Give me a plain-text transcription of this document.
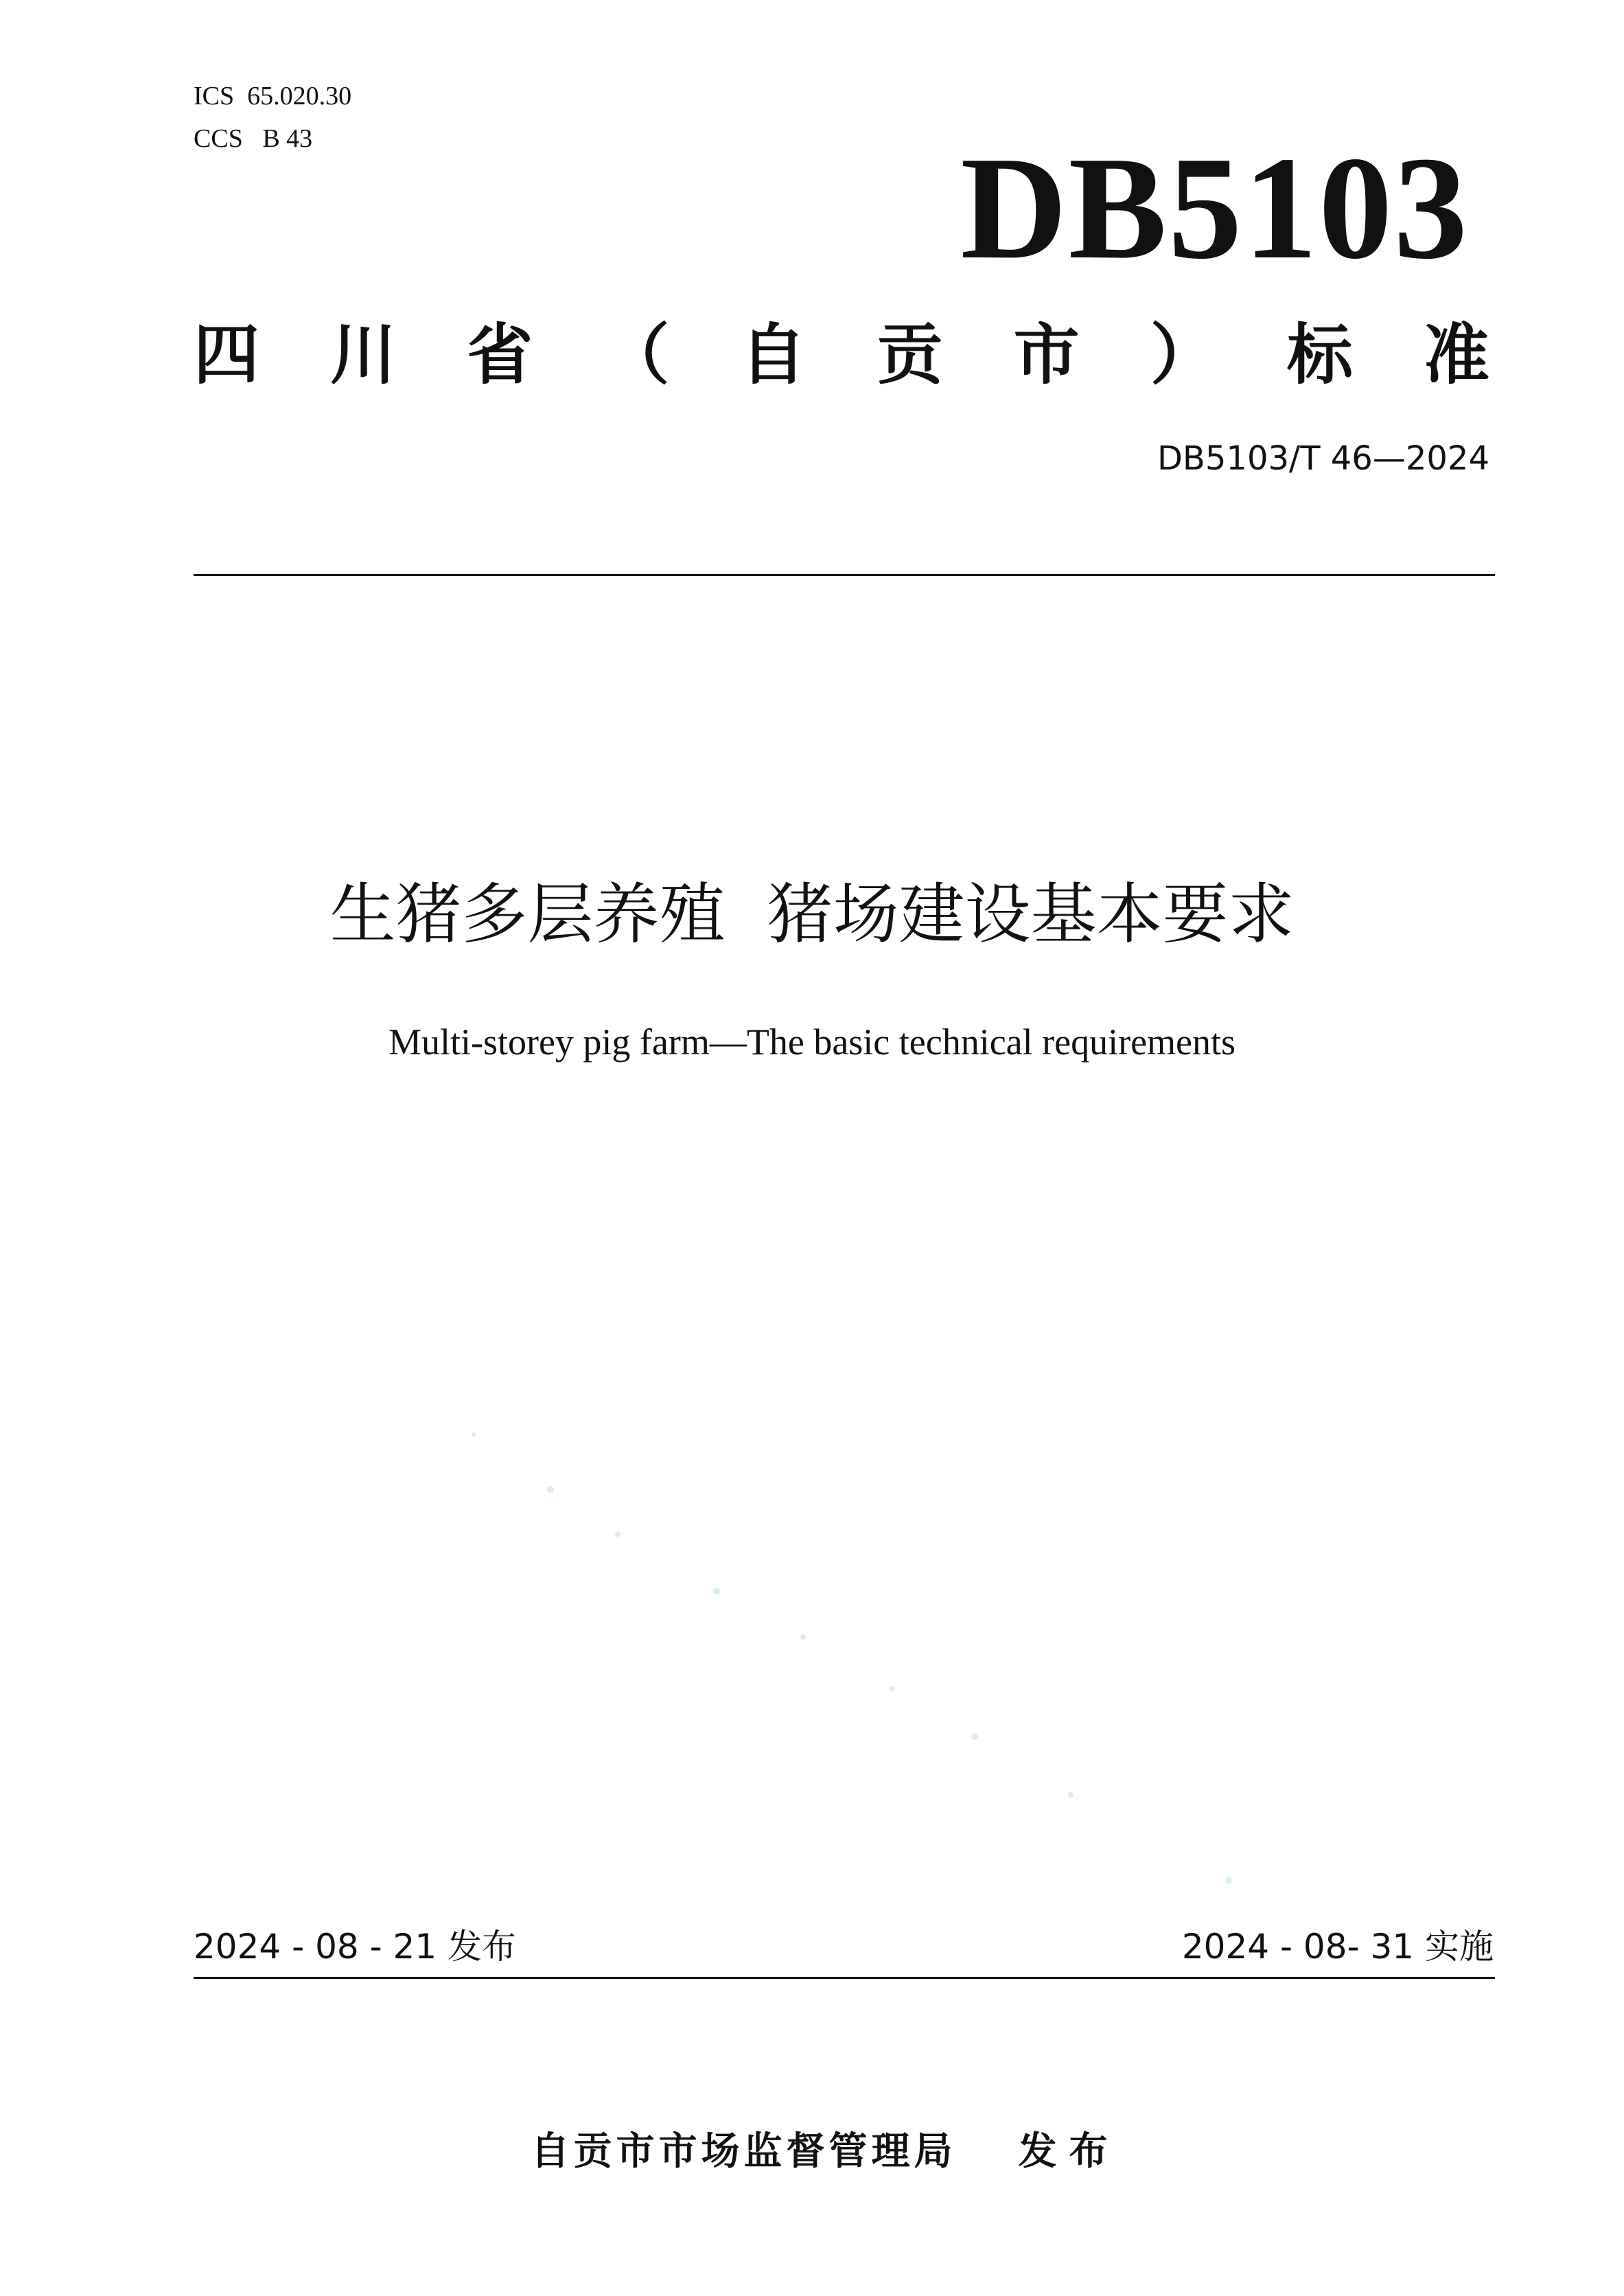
ICS  65.020.30
CCS   B 43	DB5103
四 川 省 （ 自 贡 市 ） 标 准
DB5103/T 46—2024
生猪多层养殖  猪场建设基本要求
Multi-storey pig farm—The basic technical requirements
2024 - 08 - 21 发布	2024 - 08- 31 实施

自贡市市场监督管理局 发布
